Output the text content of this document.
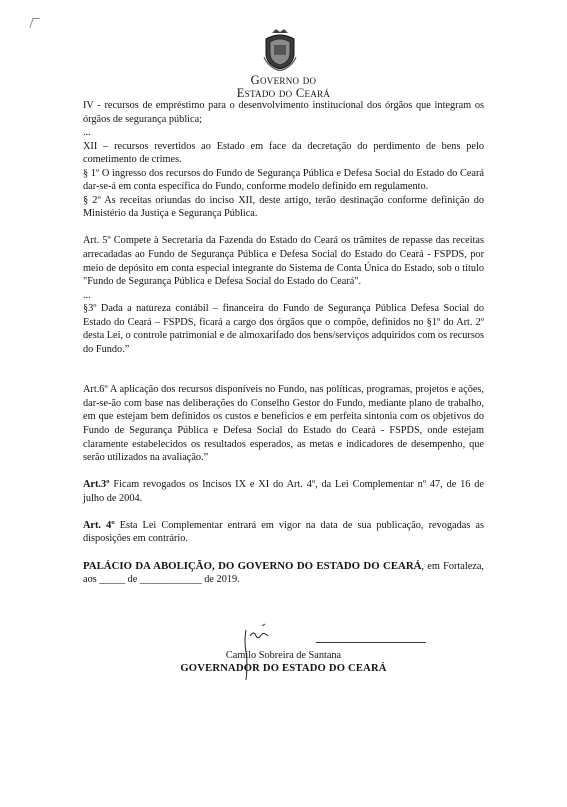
Governo do
Estado do Ceará

IV - recursos de empréstimo para o desenvolvimento institucional dos órgãos que integram os órgãos de segurança pública;

...

XII – recursos revertidos ao Estado em face da decretação do perdimento de bens pelo cometimento de crimes.

§ 1º O ingresso dos recursos do Fundo de Segurança Pública e Defesa Social do Estado do Ceará dar-se-á em conta específica do Fundo, conforme modelo definido em regulamento.

§ 2º As receitas oriundas do inciso XII, deste artigo, terão destinação conforme definição do Ministério da Justiça e Segurança Pública.

Art. 5º Compete à Secretaria da Fazenda do Estado do Ceará os trâmites de repasse das receitas arrecadadas ao Fundo de Segurança Pública e Defesa Social do Estado do Ceará - FSPDS, por meio de depósito em conta especial integrante do Sistema de Conta Única do Estado, sob o título "Fundo de Segurança Pública e Defesa Social do Estado do Ceará".

...

§3º Dada a natureza contábil – financeira do Fundo de Segurança Pública Defesa Social do Estado do Ceará – FSPDS, ficará a cargo dos órgãos que o compõe, definidos no §1º do Art. 2º desta Lei, o controle patrimonial e de almoxarifado dos bens/serviços adquiridos com os recursos do Fundo.”

Art.6º A aplicação dos recursos disponíveis no Fundo, nas políticas, programas, projetos e ações, dar-se-ão com base nas deliberações do Conselho Gestor do Fundo, mediante plano de trabalho, em que estejam bem definidos os custos e benefícios e em perfeita sintonia com os objetivos do Fundo de Segurança Pública e Defesa Social do Estado do Ceará - FSPDS, onde estejam claramente estabelecidos os resultados esperados, as metas e indicadores de desempenho, que serão utilizados na avaliação.”

Art.3º Ficam revogados os Incisos IX e XI do Art. 4º, da Lei Complementar nº 47, de 16 de julho de 2004.

Art. 4º Esta Lei Complementar entrará em vigor na data de sua publicação, revogadas as disposições em contrário.

PALÁCIO DA ABOLIÇÃO, DO GOVERNO DO ESTADO DO CEARÁ, em Fortaleza, aos _____ de ____________ de 2019.

Camilo Sobreira de Santana
GOVERNADOR DO ESTADO DO CEARÁ
